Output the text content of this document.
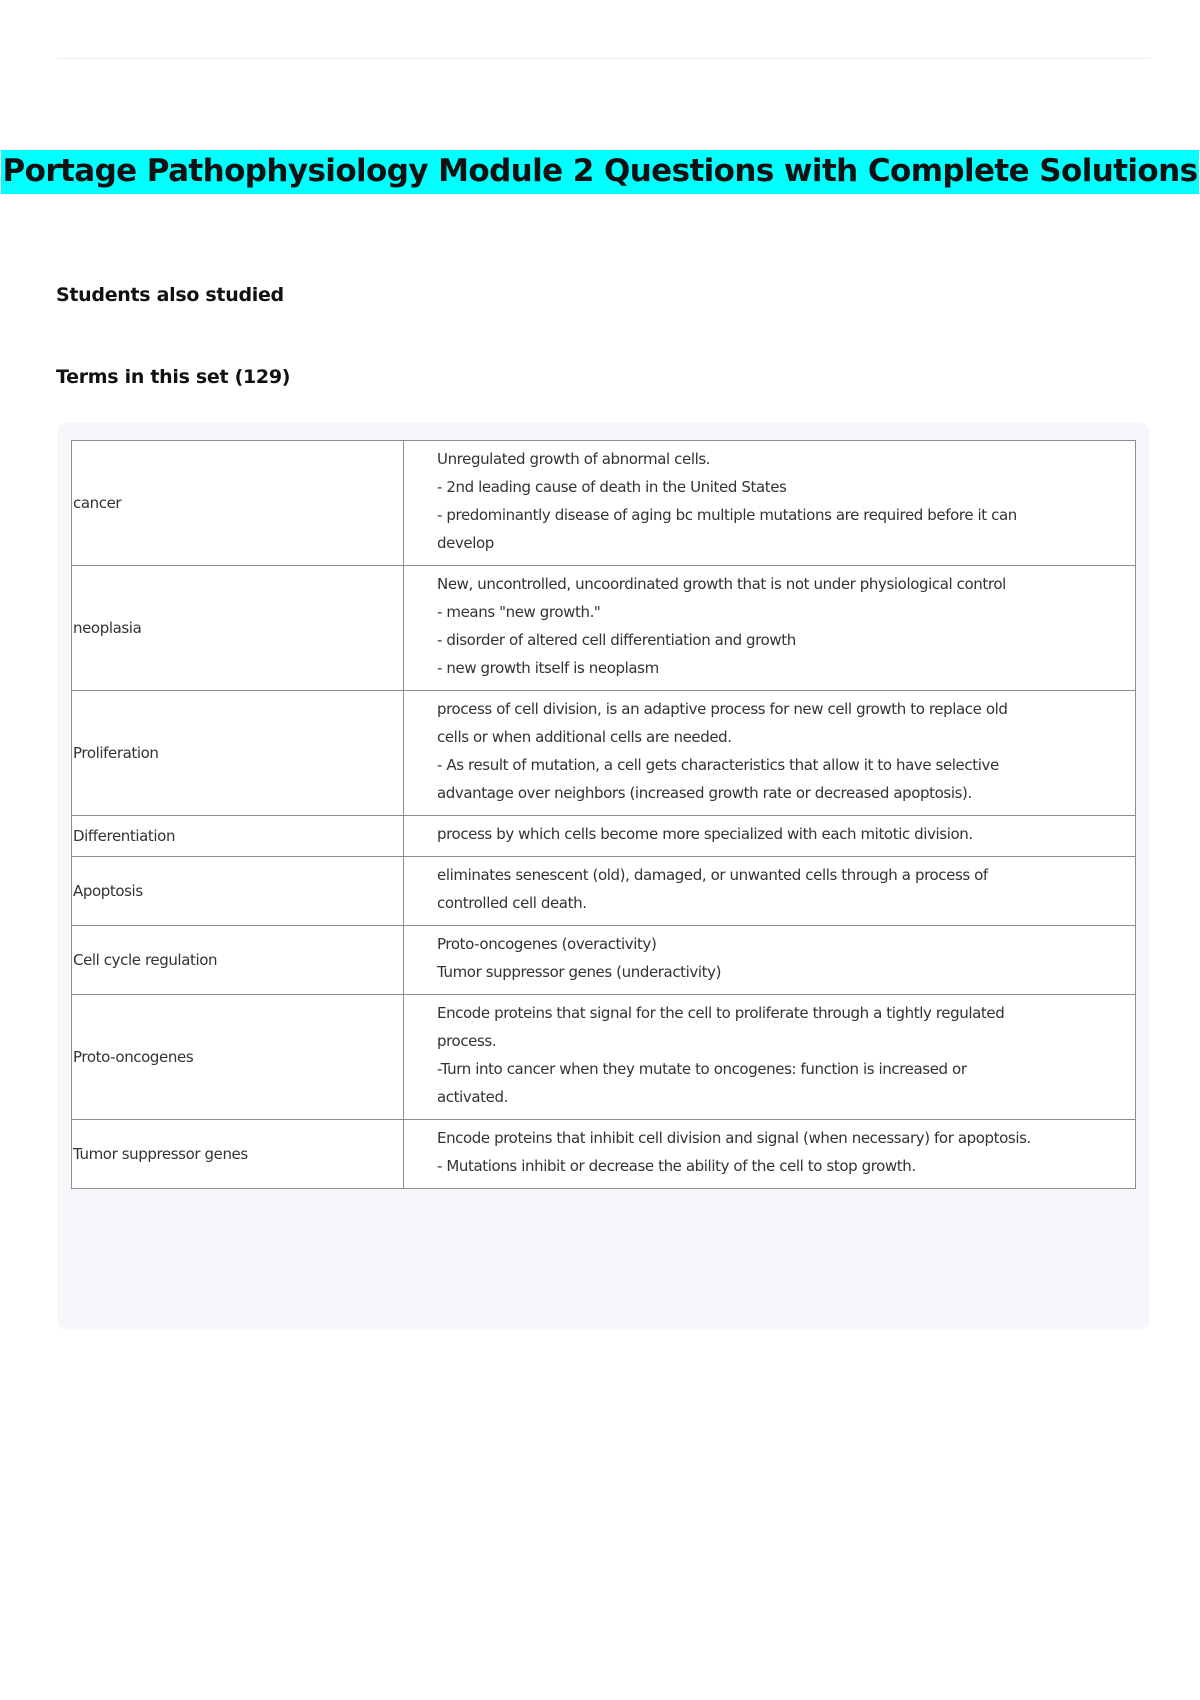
Portage Pathophysiology Module 2 Questions with Complete Solutions
Students also studied
Terms in this set (129)
cancer	Unregulated growth of abnormal cells.
- 2nd leading cause of death in the United States
- predominantly disease of aging bc multiple mutations are required before it can
develop

neoplasia	New, uncontrolled, uncoordinated growth that is not under physiological control
- means "new growth."
- disorder of altered cell differentiation and growth
- new growth itself is neoplasm

Proliferation	process of cell division, is an adaptive process for new cell growth to replace old
cells or when additional cells are needed.
- As result of mutation, a cell gets characteristics that allow it to have selective
advantage over neighbors (increased growth rate or decreased apoptosis).

Differentiation	process by which cells become more specialized with each mitotic division.

Apoptosis	eliminates senescent (old), damaged, or unwanted cells through a process of
controlled cell death.

Cell cycle regulation	Proto-oncogenes (overactivity)
Tumor suppressor genes (underactivity)

Proto-oncogenes	Encode proteins that signal for the cell to proliferate through a tightly regulated
process.
-Turn into cancer when they mutate to oncogenes: function is increased or
activated.

Tumor suppressor genes	Encode proteins that inhibit cell division and signal (when necessary) for apoptosis.
- Mutations inhibit or decrease the ability of the cell to stop growth.
